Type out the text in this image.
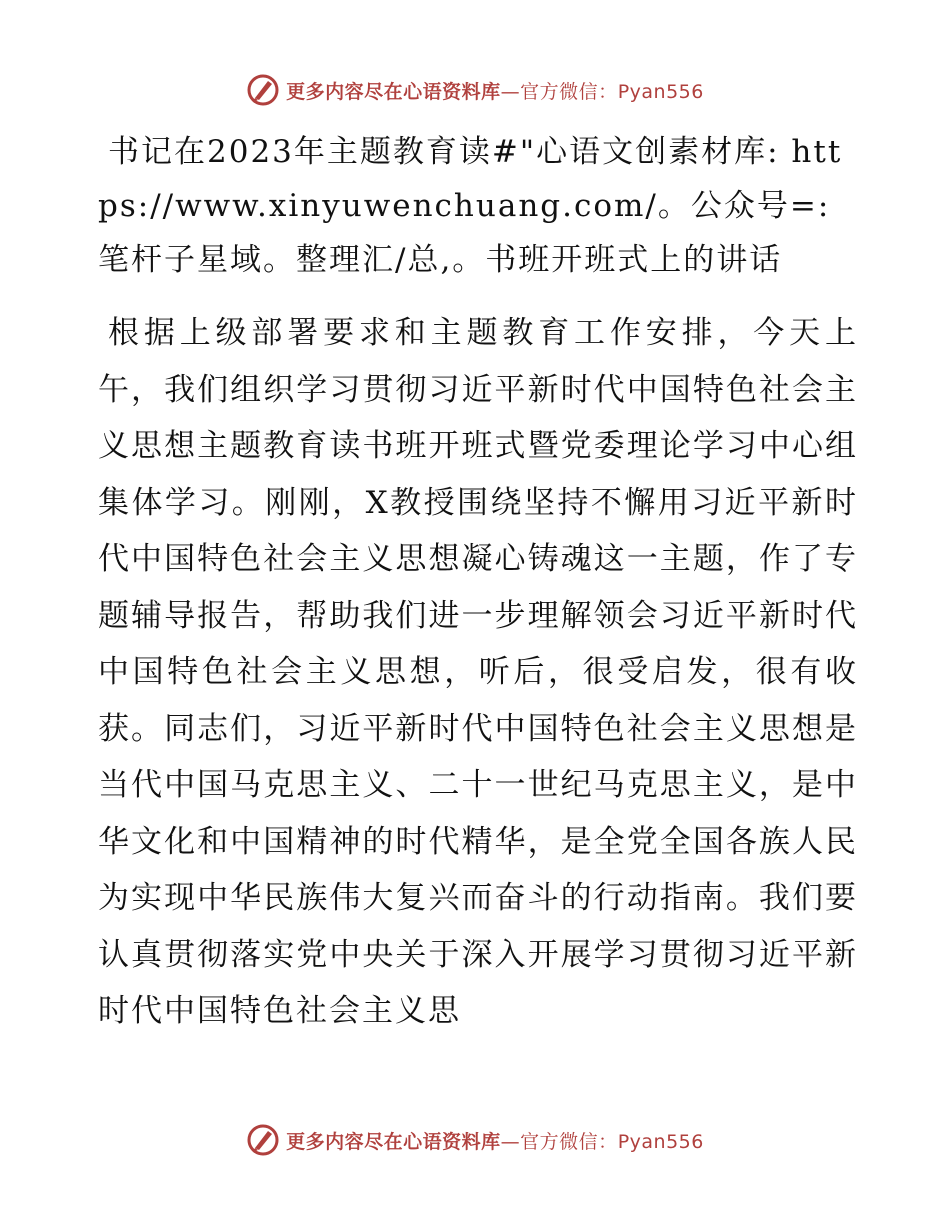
更多内容尽在心语资料库—官方微信：Pyan556

书记在2023年主题教育读#"心语文创素材库: https://www.xinyuwenchuang.com/。公众号=: 笔杆子星域。整理汇/总,。书班开班式上的讲话

根据上级部署要求和主题教育工作安排，今天上午，我们组织学习贯彻习近平新时代中国特色社会主义思想主题教育读书班开班式暨党委理论学习中心组集体学习。刚刚，X教授围绕坚持不懈用习近平新时代中国特色社会主义思想凝心铸魂这一主题，作了专题辅导报告，帮助我们进一步理解领会习近平新时代中国特色社会主义思想，听后，很受启发，很有收获。同志们，习近平新时代中国特色社会主义思想是当代中国马克思主义、二十一世纪马克思主义，是中华文化和中国精神的时代精华，是全党全国各族人民为实现中华民族伟大复兴而奋斗的行动指南。我们要认真贯彻落实党中央关于深入开展学习贯彻习近平新时代中国特色社会主义思

更多内容尽在心语资料库—官方微信：Pyan556
